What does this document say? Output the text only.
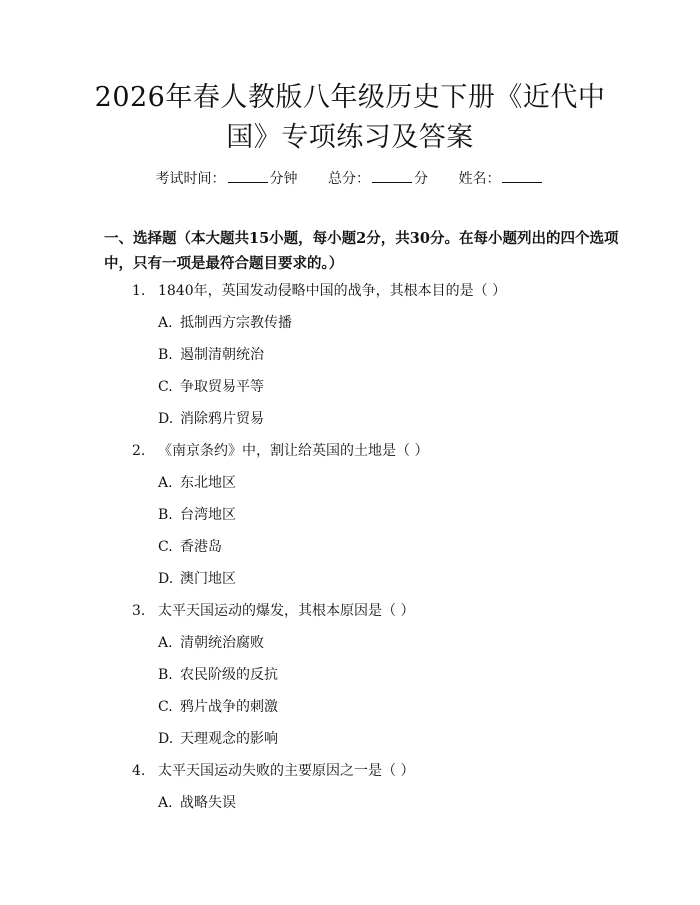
2026年春人教版八年级历史下册《近代中
国》专项练习及答案
考试时间：	分钟 总分：	分 姓名：
一、选择题（本大题共15小题，每小题2分，共30分。在每小题列出的四个选项中，只有一项是最符合题目要求的。）
1. 1840年，英国发动侵略中国的战争，其根本目的是（ ）
A. 抵制西方宗教传播
B. 遏制清朝统治
C. 争取贸易平等
D. 消除鸦片贸易
2. 《南京条约》中，割让给英国的土地是（ ）
A. 东北地区
B. 台湾地区
C. 香港岛
D. 澳门地区
3. 太平天国运动的爆发，其根本原因是（ ）
A. 清朝统治腐败
B. 农民阶级的反抗
C. 鸦片战争的刺激
D. 天理观念的影响
4. 太平天国运动失败的主要原因之一是（ ）
A. 战略失误
